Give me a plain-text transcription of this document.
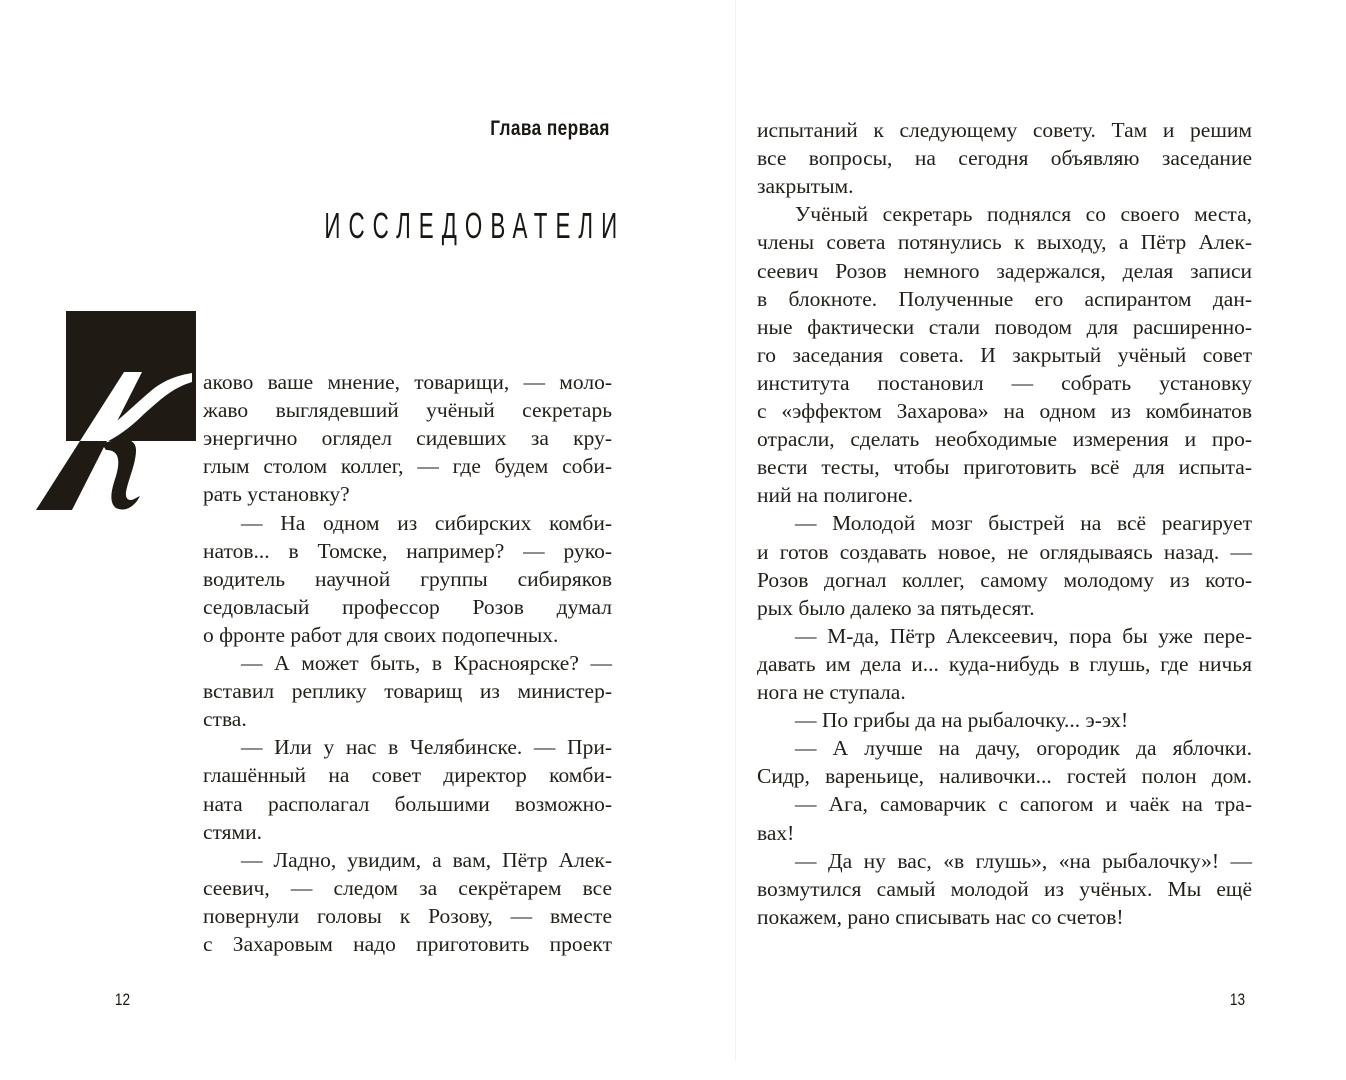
Глава первая
ИССЛЕДОВАТЕЛИ
аково ваше мнение, товарищи, — моло-
жаво выглядевший учёный секретарь
энергично оглядел сидевших за кру-
глым столом коллег, — где будем соби-
рать установку?
— На одном из сибирских комби-
натов... в Томске, например? — руко-
водитель научной группы сибиряков
седовласый профессор Розов думал
о фронте работ для своих подопечных.
— А может быть, в Красноярске? —
вставил реплику товарищ из министер-
ства.
— Или у нас в Челябинске. — При-
глашённый на совет директор комби-
ната располагал большими возможно-
стями.
— Ладно, увидим, а вам, Пётр Алек-
сеевич, — следом за секрётарем все
повернули головы к Розову, — вместе
с Захаровым надо приготовить проект
12
испытаний к следующему совету. Там и решим
все вопросы, на сегодня объявляю заседание
закрытым.
Учёный секретарь поднялся со своего места,
члены совета потянулись к выходу, а Пётр Алек-
сеевич Розов немного задержался, делая записи
в блокноте. Полученные его аспирантом дан-
ные фактически стали поводом для расширенно-
го заседания совета. И закрытый учёный совет
института постановил — собрать установку
с «эффектом Захарова» на одном из комбинатов
отрасли, сделать необходимые измерения и про-
вести тесты, чтобы приготовить всё для испыта-
ний на полигоне.
— Молодой мозг быстрей на всё реагирует
и готов создавать новое, не оглядываясь назад. —
Розов догнал коллег, самому молодому из кото-
рых было далеко за пятьдесят.
— М-да, Пётр Алексеевич, пора бы уже пере-
давать им дела и... куда-нибудь в глушь, где ничья
нога не ступала.
— По грибы да на рыбалочку... э-эх!
— А лучше на дачу, огородик да яблочки.
Сидр, вареньице, наливочки... гостей полон дом.
— Ага, самоварчик с сапогом и чаёк на тра-
вах!
— Да ну вас, «в глушь», «на рыбалочку»! —
возмутился самый молодой из учёных. Мы ещё
покажем, рано списывать нас со счетов!
13
